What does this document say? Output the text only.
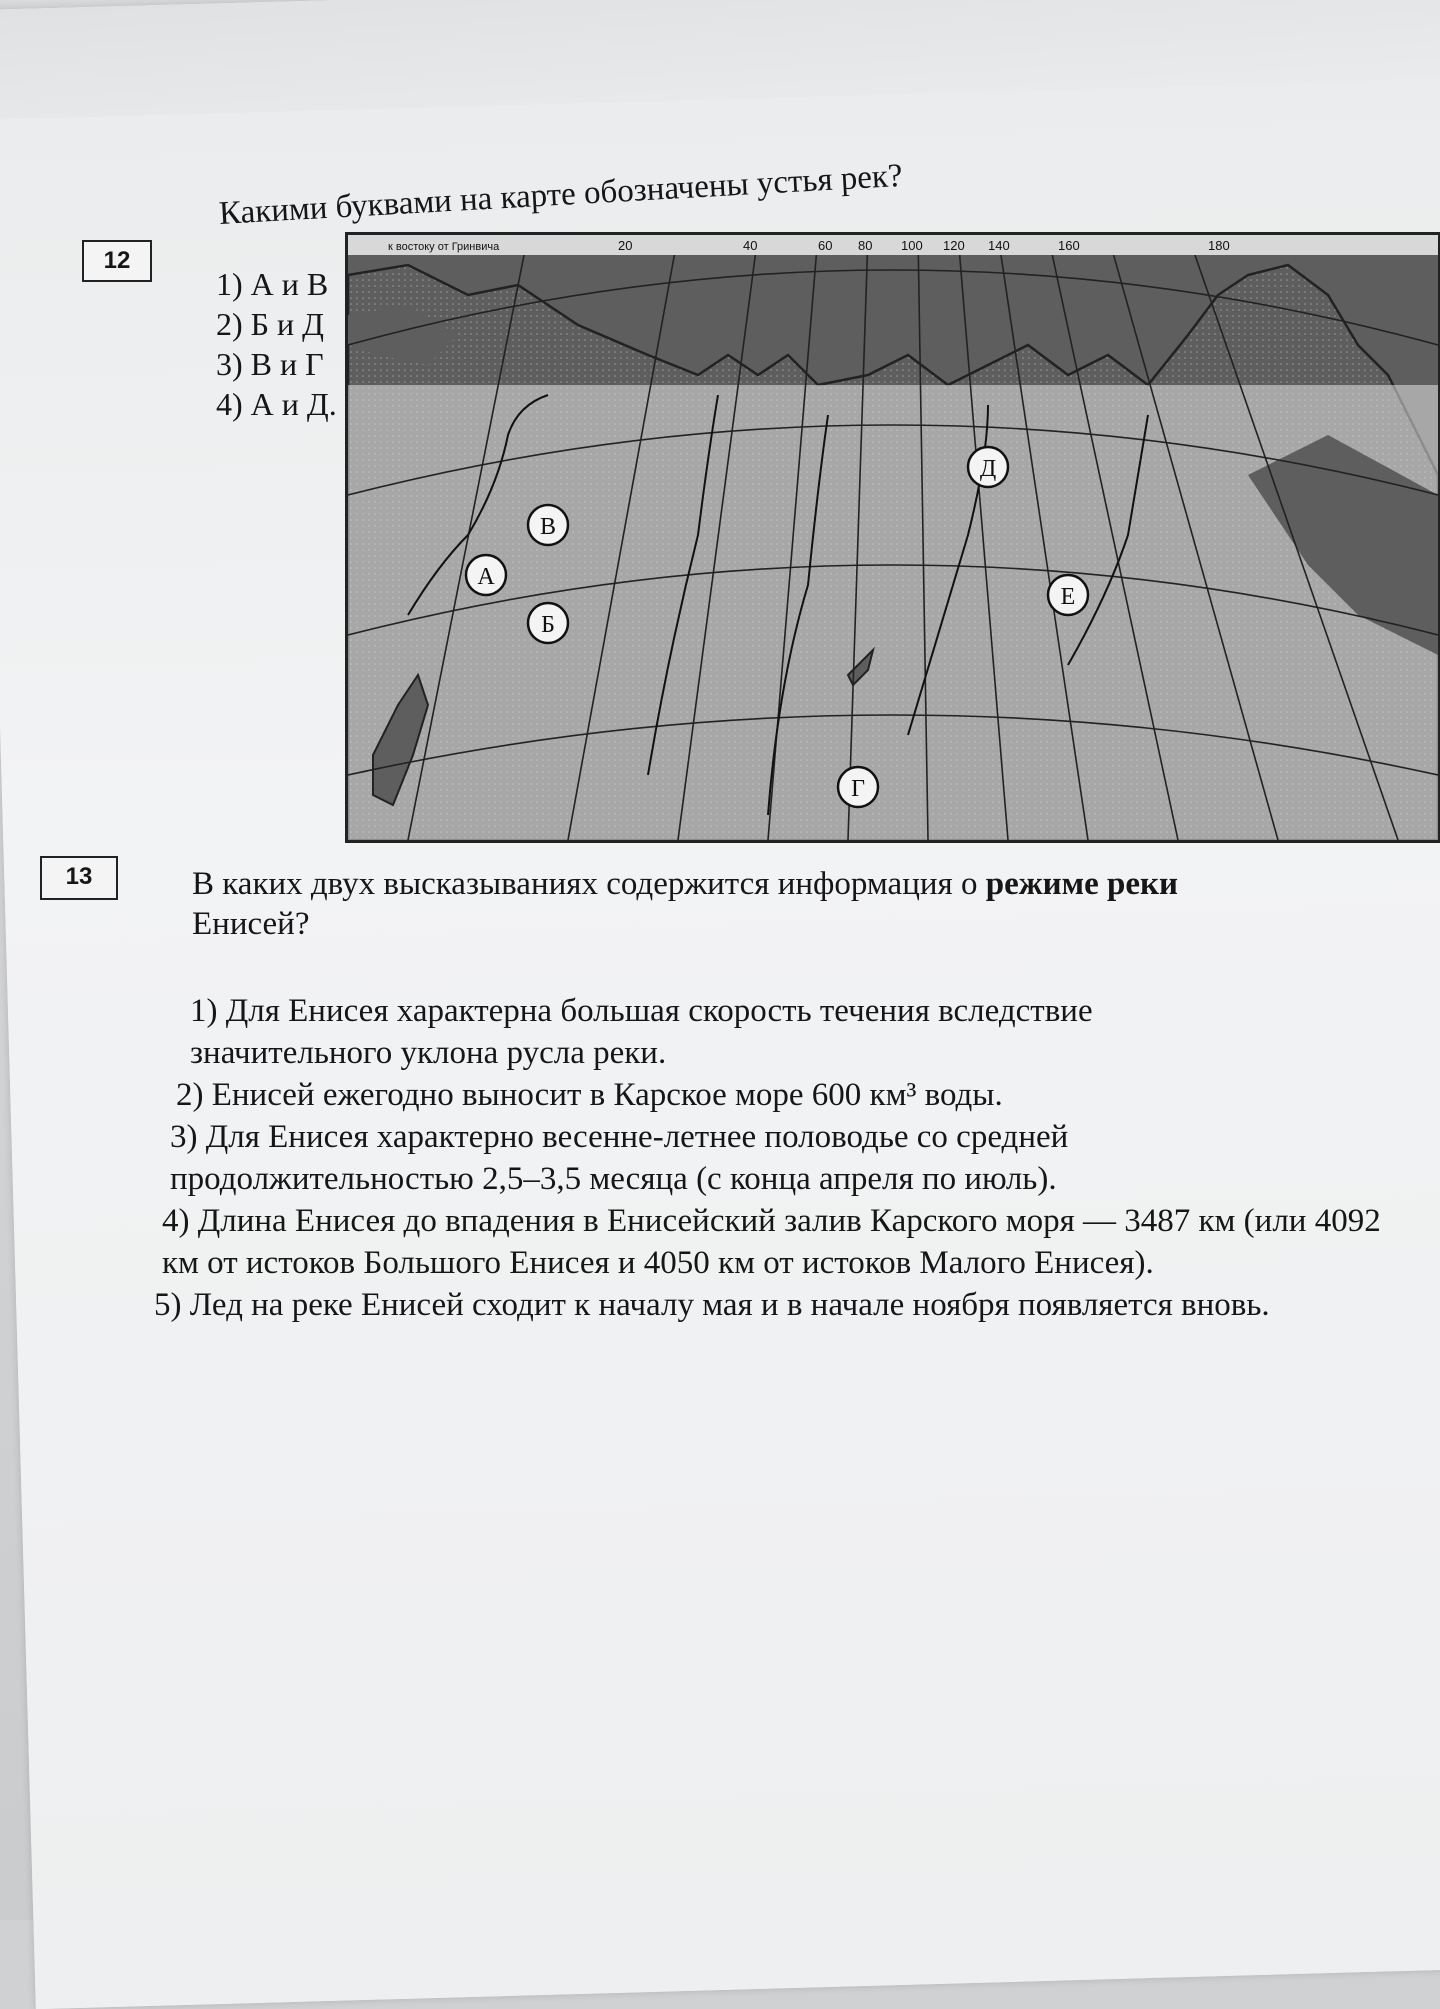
12
Какими буквами на карте обозначены устья рек?
1) А и В
2) Б и Д
3) В и Г
4) А и Д.
к востоку от Гринвича	20	40	60 80 100 120 140	160	180
А
Б
В
Г
Д
Е
13	В каких двух высказываниях содержится информация о режиме реки
Енисей?
1) Для Енисея характерна большая скорость течения вследствие значительного уклона русла реки.
2) Енисей ежегодно выносит в Карское море 600 км³ воды.
3) Для Енисея характерно весенне-летнее половодье со средней продолжительностью 2,5–3,5 месяца (с конца апреля по июль).
4) Длина Енисея до впадения в Енисейский залив Карского моря — 3487 км (или 4092 км от истоков Большого Енисея и 4050 км от истоков Малого Енисея).
5) Лед на реке Енисей сходит к началу мая и в начале ноября появляется вновь.
